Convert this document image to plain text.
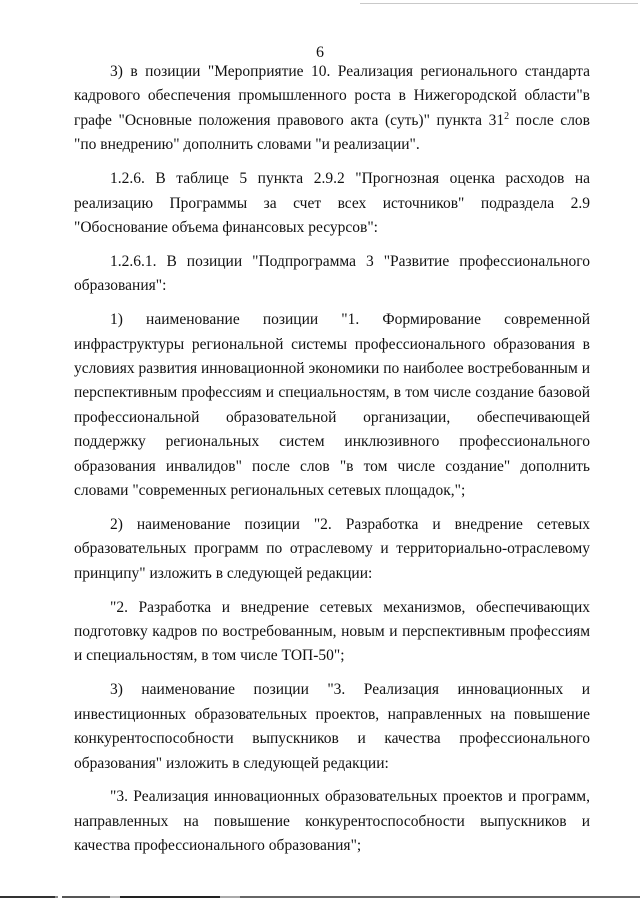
6

3) в позиции "Мероприятие 10. Реализация регионального стандарта кадрового обеспечения промышленного роста в Нижегородской области"в графе "Основные положения правового акта (суть)" пункта $31^2$ после слов "по внедрению" дополнить словами "и реализации".

1.2.6. В таблице 5 пункта 2.9.2 "Прогнозная оценка расходов на реализацию Программы за счет всех источников" подраздела 2.9 "Обоснование объема финансовых ресурсов":

1.2.6.1. В позиции "Подпрограмма 3 "Развитие профессионального образования":

1) наименование позиции "1. Формирование современной инфраструктуры региональной системы профессионального образования в условиях развития инновационной экономики по наиболее востребованным и перспективным профессиям и специальностям, в том числе создание базовой профессиональной образовательной организации, обеспечивающей поддержку региональных систем инклюзивного профессионального образования инвалидов" после слов "в том числе создание" дополнить словами "современных региональных сетевых площадок,";

2) наименование позиции "2. Разработка и внедрение сетевых образовательных программ по отраслевому и территориально-отраслевому принципу" изложить в следующей редакции:

"2. Разработка и внедрение сетевых механизмов, обеспечивающих подготовку кадров по востребованным, новым и перспективным профессиям и специальностям, в том числе ТОП-50";

3) наименование позиции "3. Реализация инновационных и инвестиционных образовательных проектов, направленных на повышение конкурентоспособности выпускников и качества профессионального образования" изложить в следующей редакции:

"3. Реализация инновационных образовательных проектов и программ, направленных на повышение конкурентоспособности выпускников и качества профессионального образования";
